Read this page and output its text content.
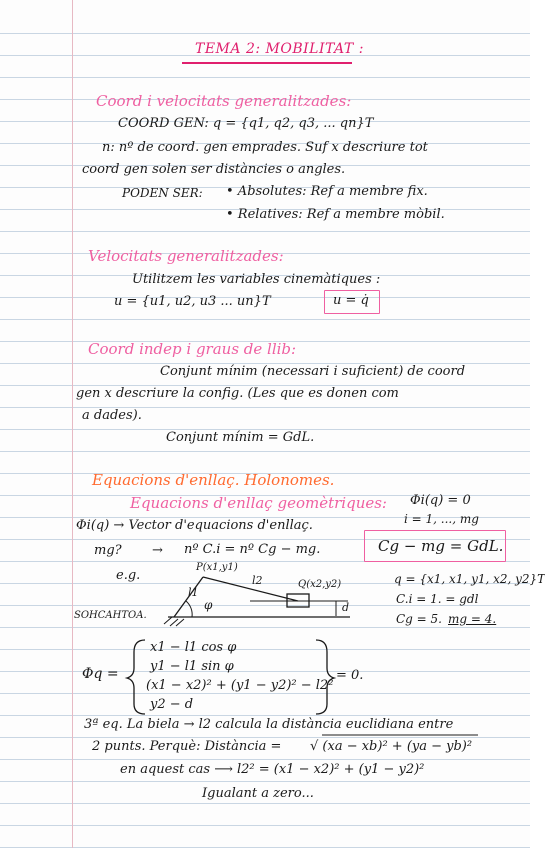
TEMA 2: MOBILITAT :
Coord i velocitats generalitzades:
COORD GEN: q = {q1, q2, q3, ... qn}T
n: nº de coord. gen emprades. Suf x descriure tot
coord gen solen ser distàncies o angles.
PODEN SER: • Absolutes: Ref a membre fix.
• Relatives: Ref a membre mòbil.
Velocitats generalitzades:
Utilitzem les variables cinemàtiques :
u = {u1, u2, u3 ... un}T	u = q̇
Coord indep i graus de llib:
Conjunt mínim (necessari i suficient) de coord
gen x descriure la config. (Les que es donen com
a dades).
Conjunt mínim = GdL.
Equacions d'enllaç. Holonomes.
Equacions d'enllaç geomètriques: Φi(q) = 0
i = 1, ..., mg
Φi(q) → Vector d'equacions d'enllaç.
mg? → nº C.i = nº Cg − mg.	Cg − mg = GdL.
e.g.	q = {x1, x1, y1, x2, y2}T
C.i = 1. = gdl
Cg = 5. mg = 4.
SOHCAHTOA.
P(x1,y1)
l1
l2	Q(x2,y2)
φ	d
Φq =
x1 − l1 cos φ
y1 − l1 sin φ
(x1 − x2)² + (y1 − y2)² − l2²
y2 − d
= 0.
3ª eq. La biela → l2 calcula la distància euclidiana entre
2 punts. Perquè: Distància = √ (xa − xb)² + (ya − yb)²
en aquest cas ⟶ l2² = (x1 − x2)² + (y1 − y2)²
Igualant a zero...
